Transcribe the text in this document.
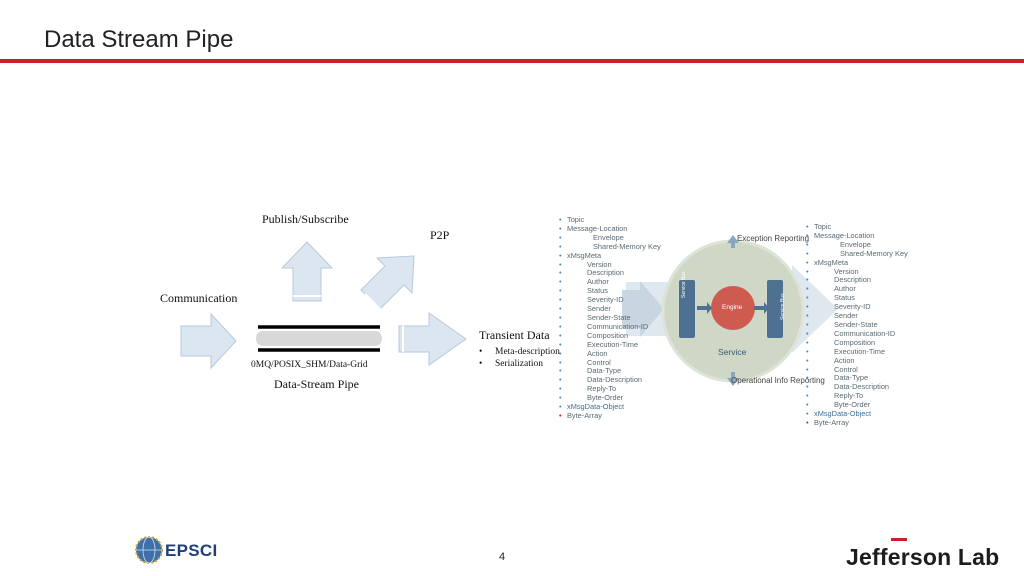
Data Stream Pipe
Publish/Subscribe
P2P
Communication
0MQ/POSIX_SHM/Data-Grid
Data-Stream Pipe
Transient Data
• Meta-description
• Serialization
Exception Reporting
Operational Info Reporting
Service
Engine
Service Bus
Service Bus
• Topic
• Message-Location
• Envelope
• Shared-Memory Key
• xMsgMeta
• Version
• Description
• Author
• Status
• Severity-ID
• Sender
• Sender-State
• Communication-ID
• Composition
• Execution-Time
• Action
• Control
• Data-Type
• Data-Description
• Reply-To
• Byte-Order
• xMsgData-Object
• Byte-Array
• Topic
• Message-Location
• Envelope
• Shared-Memory Key
• xMsgMeta
• Version
• Description
• Author
• Status
• Severity-ID
• Sender
• Sender-State
• Communication-ID
• Composition
• Execution-Time
• Action
• Control
• Data-Type
• Data-Description
• Reply-To
• Byte-Order
• xMsgData-Object
• Byte-Array
EPSCI	4	Jefferson Lab
